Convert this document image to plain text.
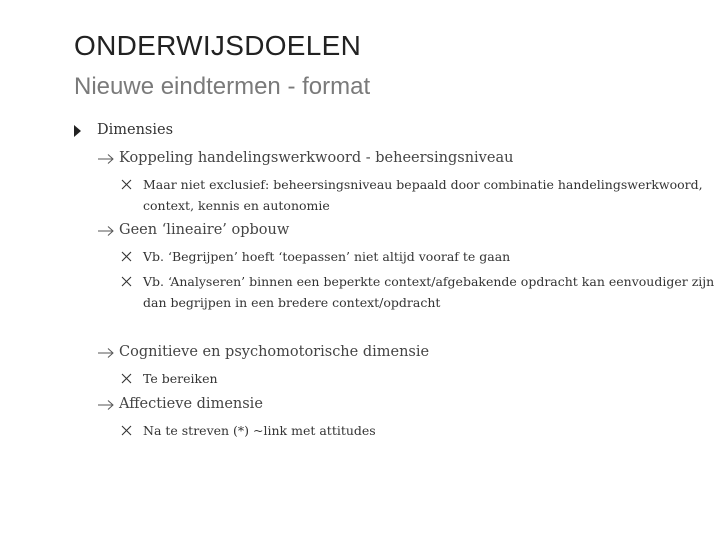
ONDERWIJSDOELEN
Nieuwe eindtermen - format
Dimensies
Koppeling handelingswerkwoord - beheersingsniveau
Maar niet exclusief: beheersingsniveau bepaald door combinatie handelingswerkwoord,
context, kennis en autonomie
Geen ‘lineaire’ opbouw
Vb. ‘Begrijpen’ hoeft ‘toepassen’ niet altijd vooraf te gaan
Vb. ‘Analyseren’ binnen een beperkte context/afgebakende opdracht kan eenvoudiger zijn
dan begrijpen in een bredere context/opdracht
Cognitieve en psychomotorische dimensie
Te bereiken
Affectieve dimensie
Na te streven (*) ~link met attitudes
